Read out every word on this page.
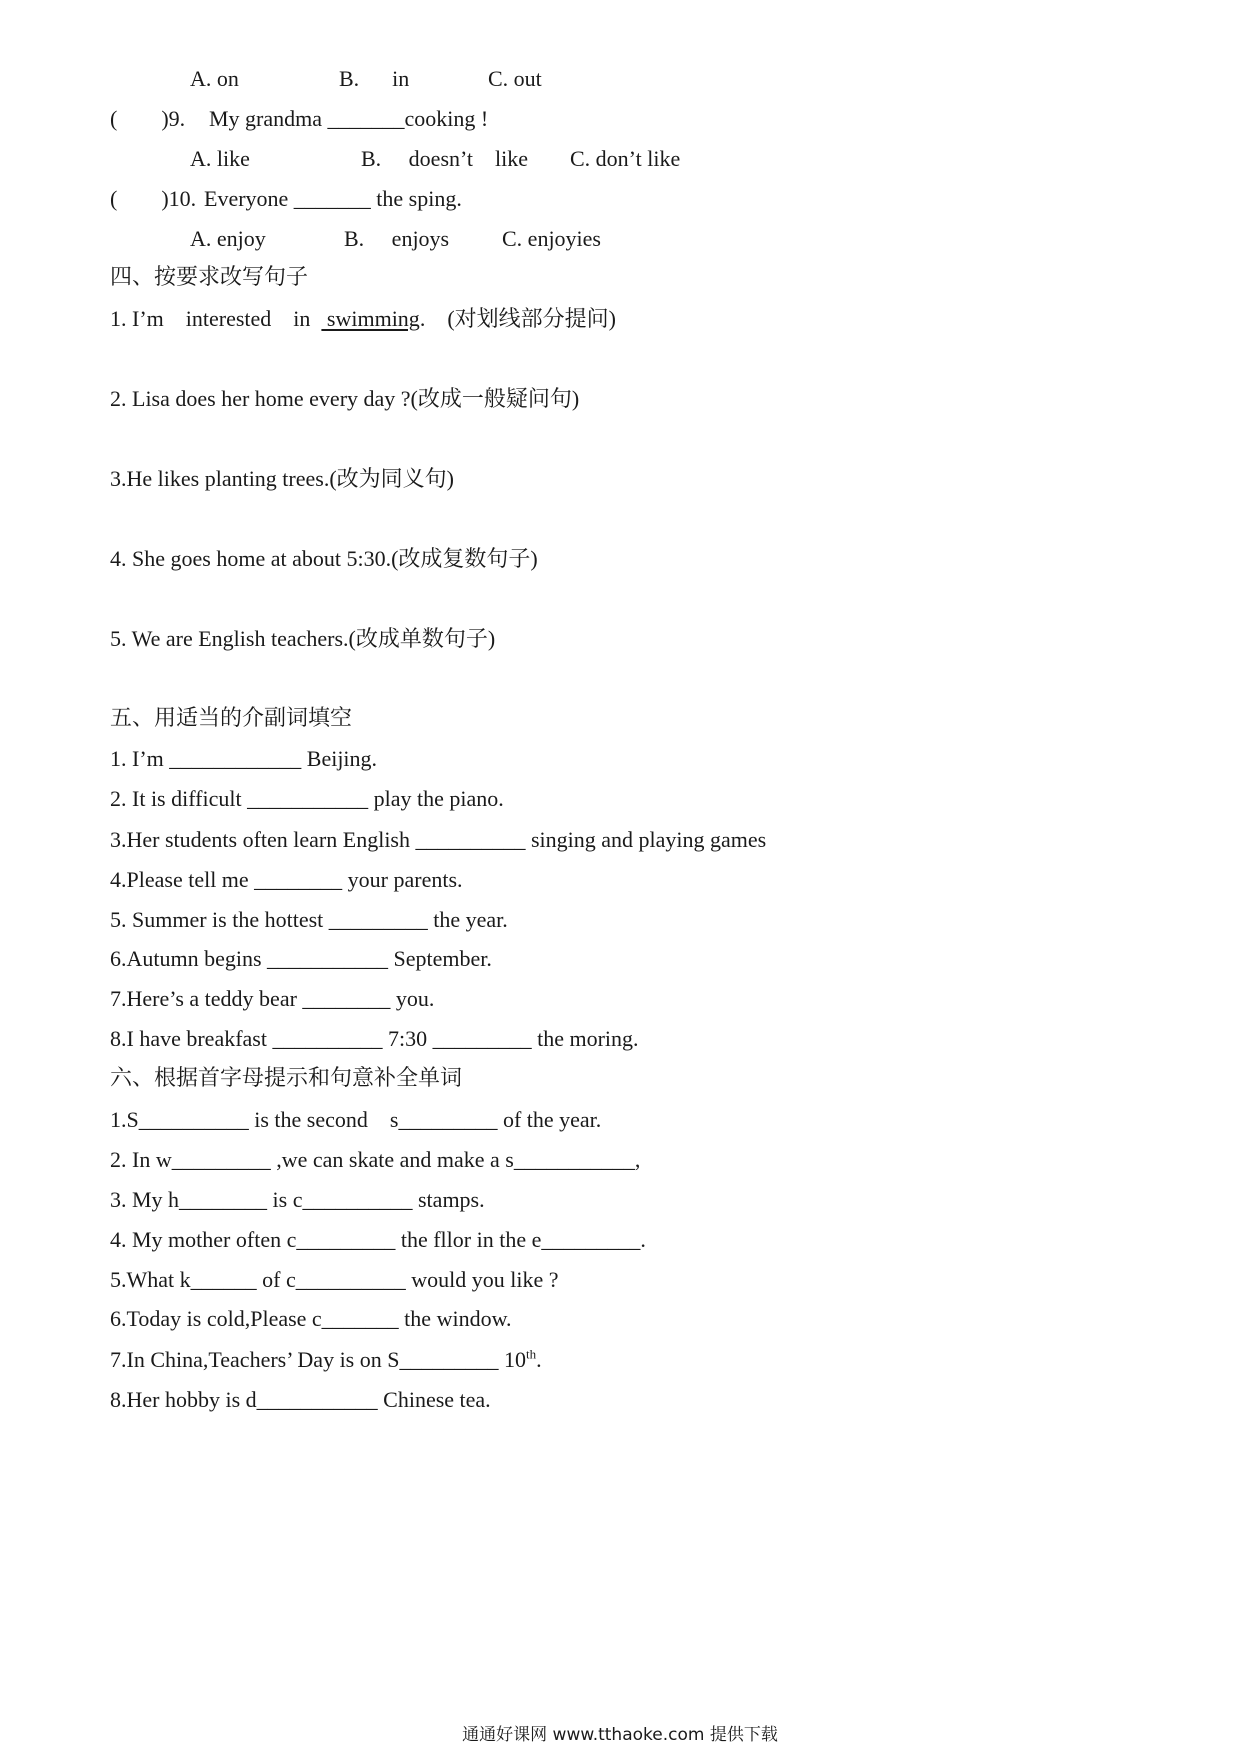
A. on	B.      in	C. out
(        )9. My grandma _______cooking !
A. like	B.     doesn’t    like C. don’t like
(        )10. Everyone _______ the sping.
A. enjoy	B.     enjoys C. enjoyies
四、按要求改写句子
1. I’m    interested    in   swimming.    (对划线部分提问)
2. Lisa does her home every day ?(改成一般疑问句)
3.He likes planting trees.(改为同义句)
4. She goes home at about 5:30.(改成复数句子)
5. We are English teachers.(改成单数句子)
五、用适当的介副词填空
1. I’m ____________ Beijing.
2. It is difficult ___________ play the piano.
3.Her students often learn English __________ singing and playing games
4.Please tell me ________ your parents.
5. Summer is the hottest _________ the year.
6.Autumn begins ___________ September.
7.Here’s a teddy bear ________ you.
8.I have breakfast __________ 7:30 _________ the moring.
六、根据首字母提示和句意补全单词
1.S__________ is the second    s_________ of the year.
2. In w_________ ,we can skate and make a s___________,
3. My h________ is c__________ stamps.
4. My mother often c_________ the fllor in the e_________.
5.What k______ of c__________ would you like ?
6.Today is cold,Please c_______ the window.
7.In China,Teachers’ Day is on S_________ 10th.
8.Her hobby is d___________ Chinese tea.
通通好课网 www.tthaoke.com 提供下载
